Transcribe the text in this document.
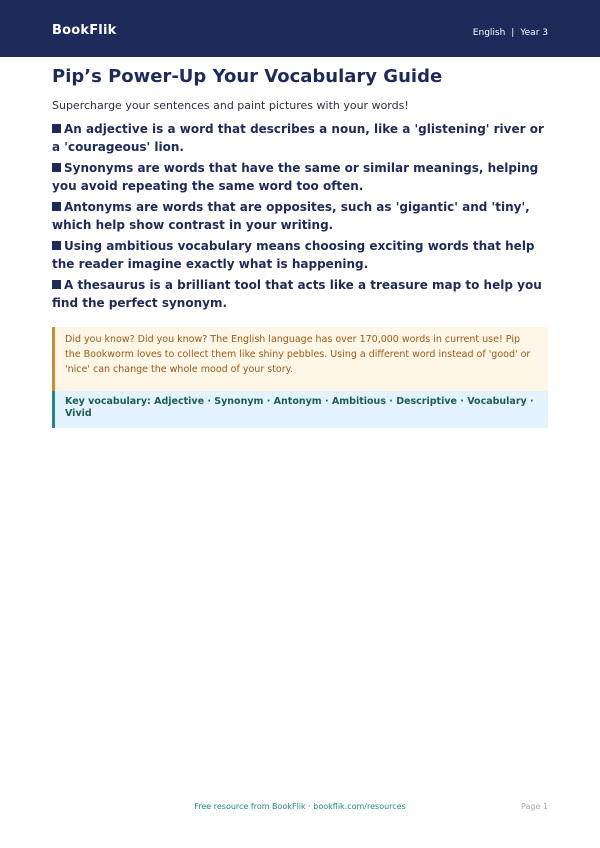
BookFlik	English | Year 3
Pip’s Power-Up Your Vocabulary Guide

Supercharge your sentences and paint pictures with your words!

An adjective is a word that describes a noun, like a 'glistening' river or a 'courageous' lion.
Synonyms are words that have the same or similar meanings, helping you avoid repeating the same word too often.
Antonyms are words that are opposites, such as 'gigantic' and 'tiny', which help show contrast in your writing.
Using ambitious vocabulary means choosing exciting words that help the reader imagine exactly what is happening.
A thesaurus is a brilliant tool that acts like a treasure map to help you find the perfect synonym.
Did you know? Did you know? The English language has over 170,000 words in current use! Pip the Bookworm loves to collect them like shiny pebbles. Using a different word instead of 'good' or 'nice' can change the whole mood of your story.
Key vocabulary: Adjective · Synonym · Antonym · Ambitious · Descriptive · Vocabulary · Vivid
Free resource from BookFlik · bookflik.com/resources	Page 1
